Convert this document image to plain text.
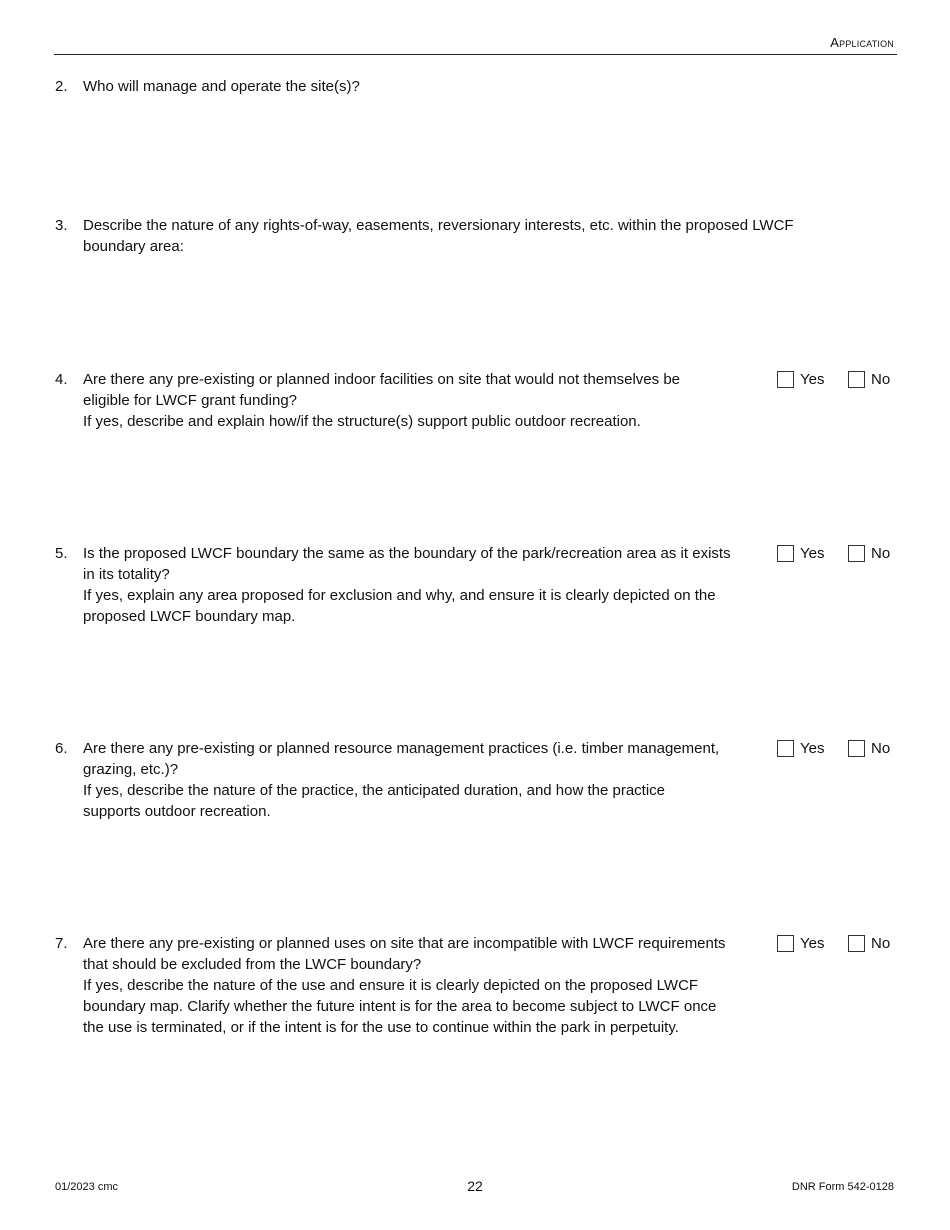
Application
2. Who will manage and operate the site(s)?
3. Describe the nature of any rights-of-way, easements, reversionary interests, etc. within the proposed LWCF
boundary area:
4. Are there any pre-existing or planned indoor facilities on site that would not themselves be
eligible for LWCF grant funding?
If yes, describe and explain how/if the structure(s) support public outdoor recreation.
Yes	No
5. Is the proposed LWCF boundary the same as the boundary of the park/recreation area as it exists
in its totality?
If yes, explain any area proposed for exclusion and why, and ensure it is clearly depicted on the
proposed LWCF boundary map.
Yes	No
6. Are there any pre-existing or planned resource management practices (i.e. timber management,
grazing, etc.)?
If yes, describe the nature of the practice, the anticipated duration, and how the practice
supports outdoor recreation.
Yes	No
7. Are there any pre-existing or planned uses on site that are incompatible with LWCF requirements
that should be excluded from the LWCF boundary?
If yes, describe the nature of the use and ensure it is clearly depicted on the proposed LWCF
boundary map. Clarify whether the future intent is for the area to become subject to LWCF once
the use is terminated, or if the intent is for the use to continue within the park in perpetuity.
Yes	No
01/2023 cmc	22	DNR Form 542-0128
